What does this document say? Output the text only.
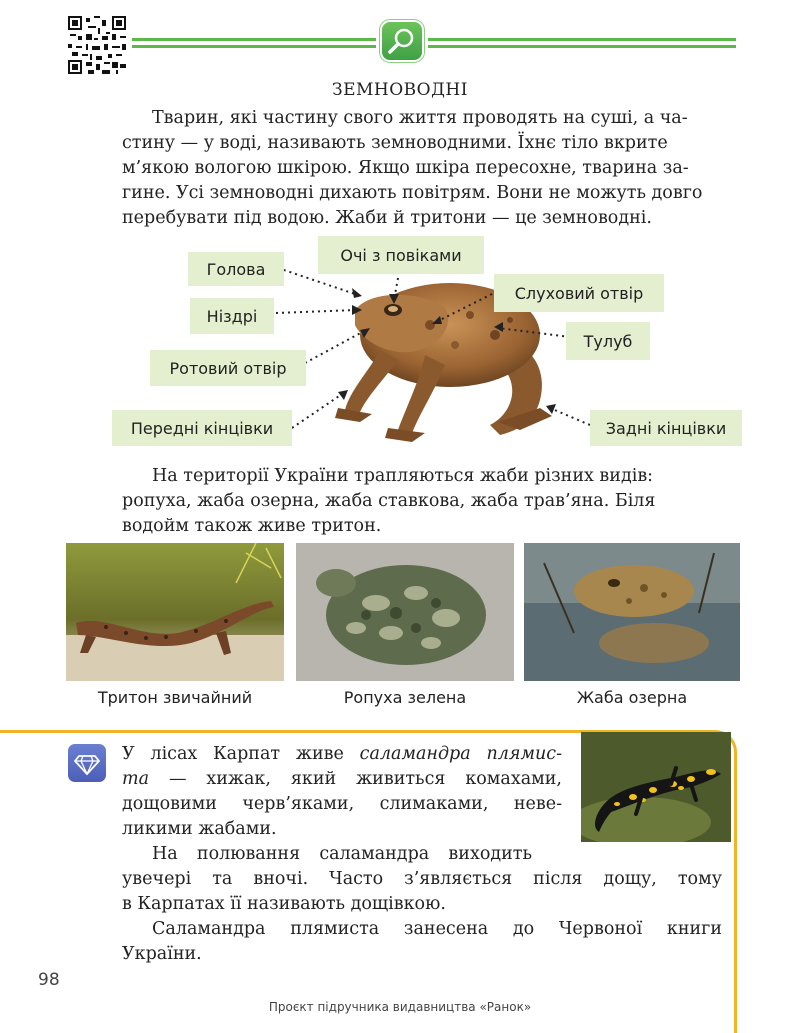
ЗЕМНОВОДНІ
Тварин, які частину свого життя проводять на суші, а ча-
стину — у воді, називають земноводними. Їхнє тіло вкрите
м’якою вологою шкірою. Якщо шкіра пересохне, тварина за-
гине. Усі земноводні дихають повітрям. Вони не можуть довго
перебувати під водою. Жаби й тритони — це земноводні.
Голова
Очі з повіками
Ніздрі
Слуховий отвір
Тулуб
Ротовий отвір
Передні кінцівки	Задні кінцівки
На території України трапляються жаби різних видів:
ропуха, жаба озерна, жаба ставкова, жаба трав’яна. Біля
водойм також живе тритон.
Тритон звичайний	Ропуха зелена	Жаба озерна
У лісах Карпат живе саламандра плямис-
та — хижак, який живиться комахами,
дощовими черв’яками, слимаками, неве-
ликими жабами.
На полювання саламандра виходить
увечері та вночі. Часто з’являється після дощу, тому
в Карпатах її називають дощівкою.
Саламандра плямиста занесена до Червоної книги
України.
98
Проєкт підручника видавництва «Ранок»
